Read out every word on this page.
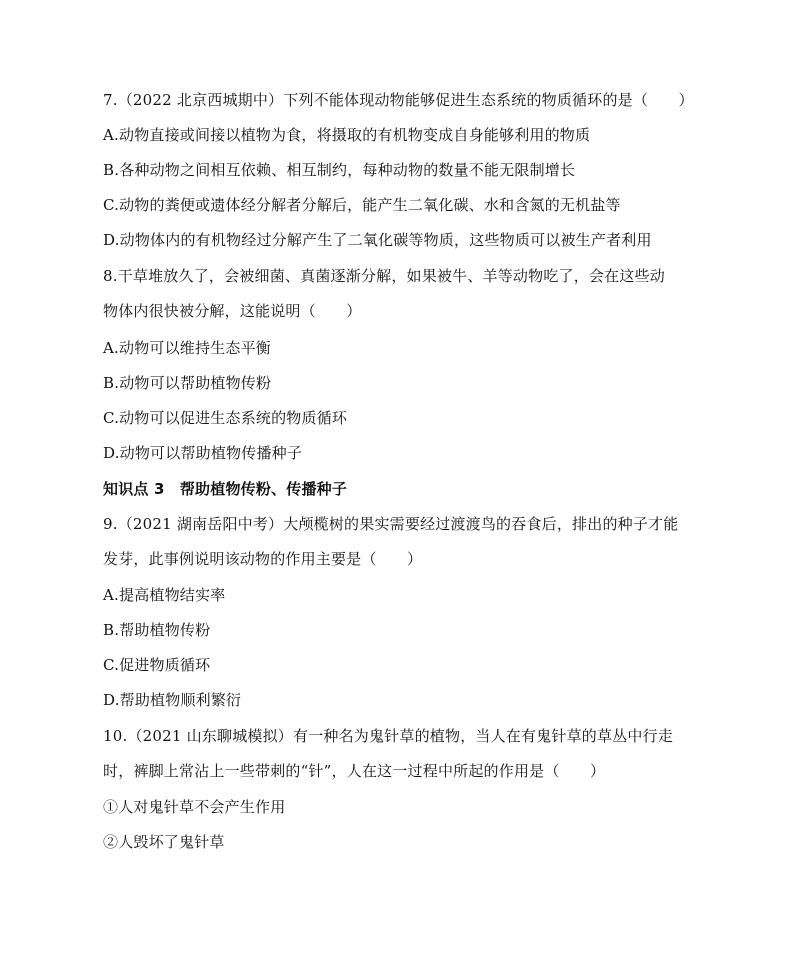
7.（2022 北京西城期中）下列不能体现动物能够促进生态系统的物质循环的是（　　）
A.动物直接或间接以植物为食，将摄取的有机物变成自身能够利用的物质
B.各种动物之间相互依赖、相互制约，每种动物的数量不能无限制增长
C.动物的粪便或遗体经分解者分解后，能产生二氧化碳、水和含氮的无机盐等
D.动物体内的有机物经过分解产生了二氧化碳等物质，这些物质可以被生产者利用
8.干草堆放久了，会被细菌、真菌逐渐分解，如果被牛、羊等动物吃了，会在这些动
物体内很快被分解，这能说明（　　）
A.动物可以维持生态平衡
B.动物可以帮助植物传粉
C.动物可以促进生态系统的物质循环
D.动物可以帮助植物传播种子
知识点 3　帮助植物传粉、传播种子
9.（2021 湖南岳阳中考）大颅榄树的果实需要经过渡渡鸟的吞食后，排出的种子才能
发芽，此事例说明该动物的作用主要是（　　）
A.提高植物结实率
B.帮助植物传粉
C.促进物质循环
D.帮助植物顺利繁衍
10.（2021 山东聊城模拟）有一种名为鬼针草的植物，当人在有鬼针草的草丛中行走
时，裤脚上常沾上一些带刺的“针”，人在这一过程中所起的作用是（　　）
①人对鬼针草不会产生作用
②人毁坏了鬼针草
